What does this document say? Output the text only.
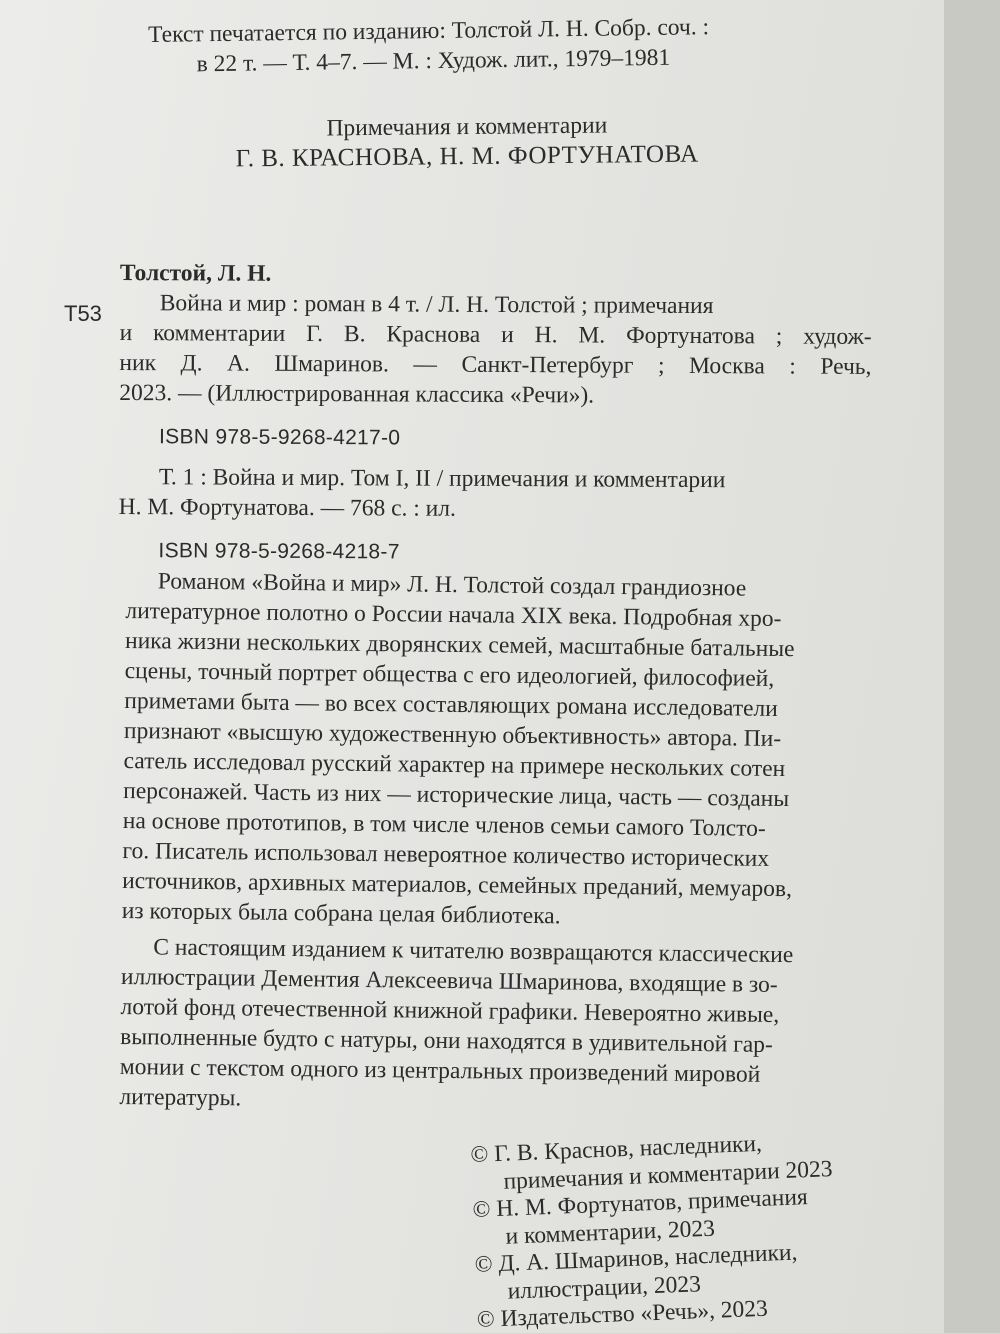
Текст печатается по изданию: Толстой Л. Н. Собр. соч. :
в 22 т. — Т. 4–7. — М. : Худож. лит., 1979–1981
Примечания и комментарии
Г. В. КРАСНОВА, Н. М. ФОРТУНАТОВА
Т53
Толстой, Л. Н.
Война и мир : роман в 4 т. / Л. Н. Толстой ; примечания
и комментарии Г. В. Краснова и Н. М. Фортунатова ; худож-
ник Д. А. Шмаринов. — Санкт-Петербург ; Москва : Речь,
2023. — (Иллюстрированная классика «Речи»).
ISBN 978-5-9268-4217-0
Т. 1 : Война и мир. Том I, II / примечания и комментарии
Н. М. Фортунатова. — 768 с. : ил.
ISBN 978-5-9268-4218-7
Романом «Война и мир» Л. Н. Толстой создал грандиозное
литературное полотно о России начала XIX века. Подробная хро-
ника жизни нескольких дворянских семей, масштабные батальные
сцены, точный портрет общества с его идеологией, философией,
приметами быта — во всех составляющих романа исследователи
признают «высшую художественную объективность» автора. Пи-
сатель исследовал русский характер на примере нескольких сотен
персонажей. Часть из них — исторические лица, часть — созданы
на основе прототипов, в том числе членов семьи самого Толсто-
го. Писатель использовал невероятное количество исторических
источников, архивных материалов, семейных преданий, мемуаров,
из которых была собрана целая библиотека.
С настоящим изданием к читателю возвращаются классические
иллюстрации Дементия Алексеевича Шмаринова, входящие в зо-
лотой фонд отечественной книжной графики. Невероятно живые,
выполненные будто с натуры, они находятся в удивительной гар-
монии с текстом одного из центральных произведений мировой
литературы.
© Г. В. Краснов, наследники,
примечания и комментарии 2023
© Н. М. Фортунатов, примечания
и комментарии, 2023
© Д. А. Шмаринов, наследники,
иллюстрации, 2023
© Издательство «Речь», 2023
